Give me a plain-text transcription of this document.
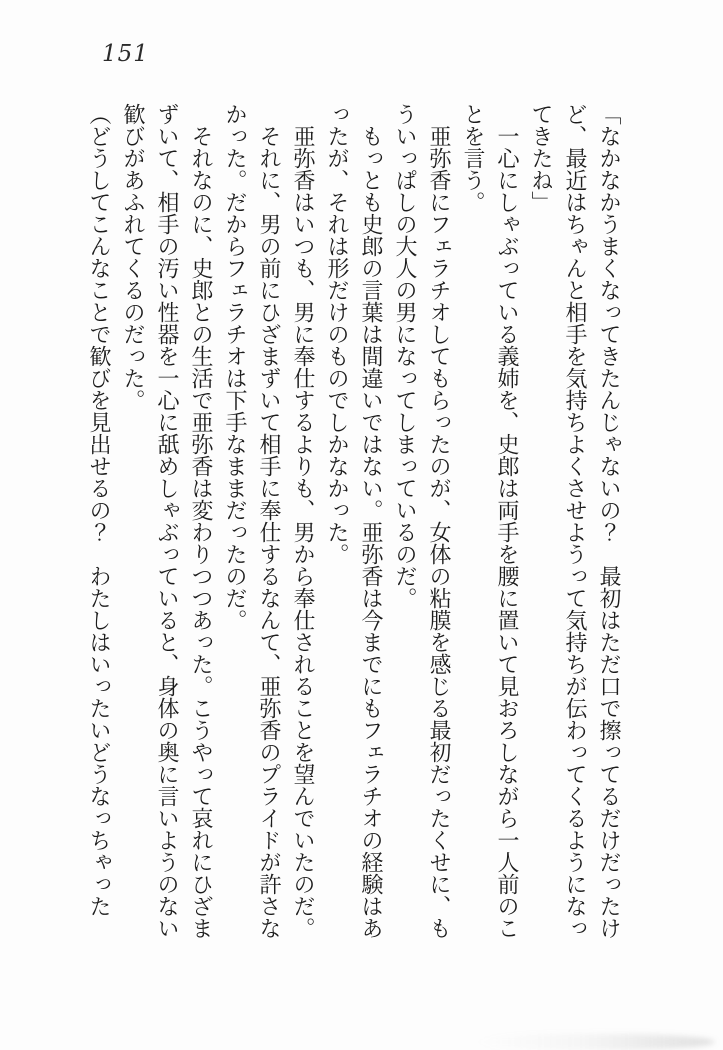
151
「なかなかうまくなってきたんじゃないの？　最初はただ口で擦ってるだけだったけ
ど、最近はちゃんと相手を気持ちよくさせようって気持ちが伝わってくるようになっ
てきたね」
一心にしゃぶっている義姉を、史郎は両手を腰に置いて見おろしながら一人前のこ
とを言う。
亜弥香にフェラチオしてもらったのが、女体の粘膜を感じる最初だったくせに、も
ういっぱしの大人の男になってしまっているのだ。
もっとも史郎の言葉は間違いではない。亜弥香は今までにもフェラチオの経験はあ
ったが、それは形だけのものでしかなかった。
亜弥香はいつも、男に奉仕するよりも、男から奉仕されることを望んでいたのだ。
それに、男の前にひざまずいて相手に奉仕するなんて、亜弥香のプライドが許さな
かった。だからフェラチオは下手なままだったのだ。
それなのに、史郎との生活で亜弥香は変わりつつあった。こうやって哀れにひざま
ずいて、相手の汚い性器を一心に舐めしゃぶっていると、身体の奥に言いようのない
歓びがあふれてくるのだった。
（どうしてこんなことで歓びを見出せるの？　わたしはいったいどうなっちゃった
